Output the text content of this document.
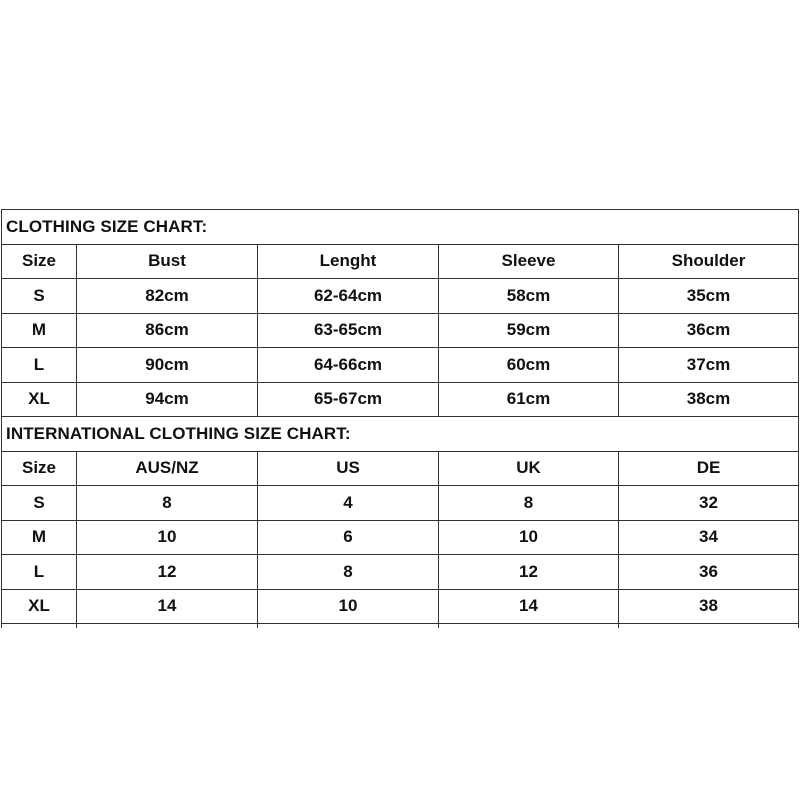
CLOTHING SIZE CHART:				
Size	Bust	Lenght	Sleeve	Shoulder
S	82cm	62-64cm	58cm	35cm
M	86cm	63-65cm	59cm	36cm
L	90cm	64-66cm	60cm	37cm
XL	94cm	65-67cm	61cm	38cm
INTERNATIONAL CLOTHING SIZE CHART:				
Size	AUS/NZ	US	UK	DE
S	8	4	8	32
M	10	6	10	34
L	12	8	12	36
XL	14	10	14	38
